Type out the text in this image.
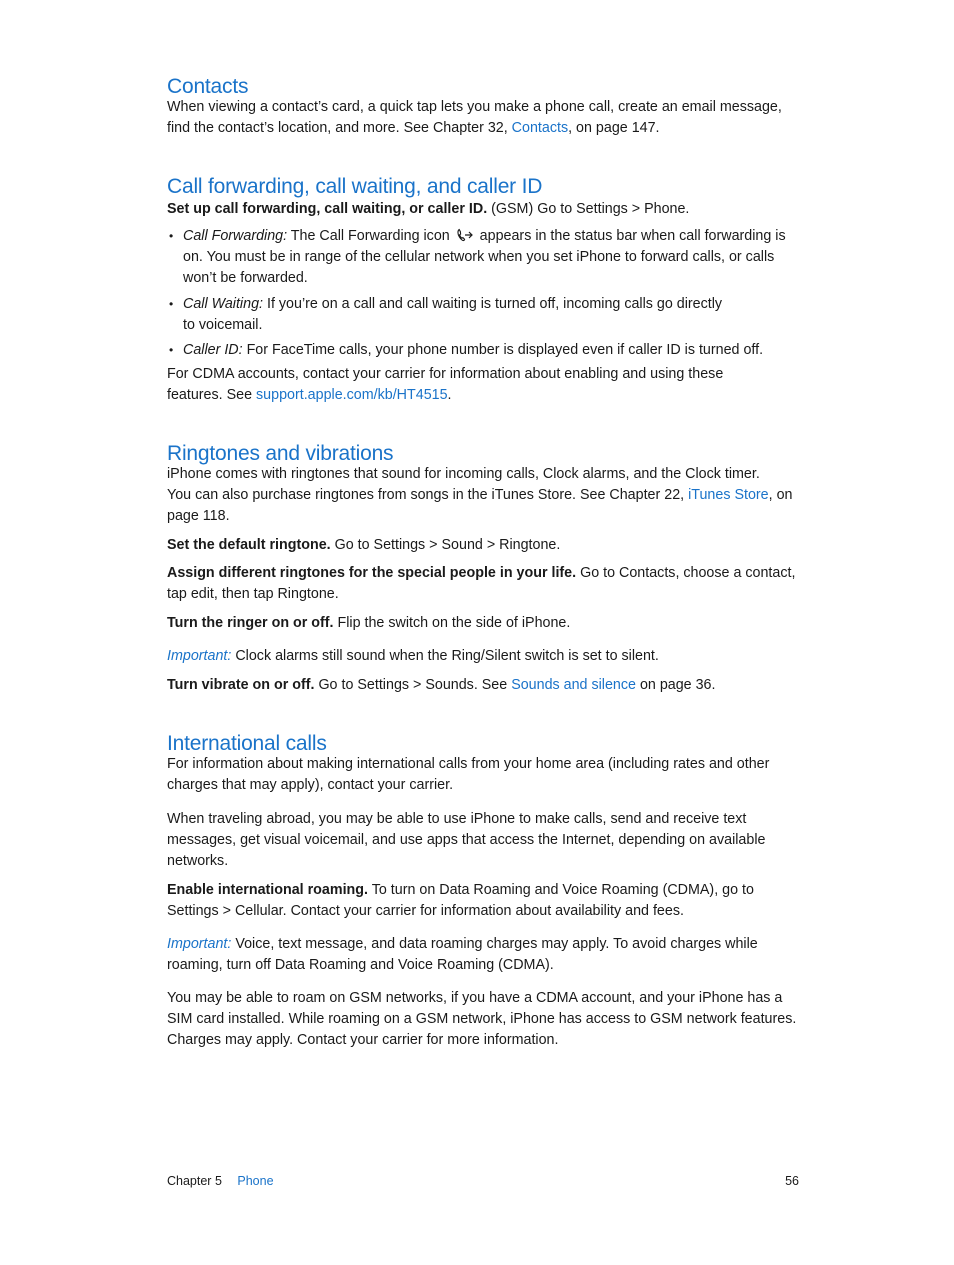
Contacts

When viewing a contact’s card, a quick tap lets you make a phone call, create an email message,
find the contact’s location, and more. See Chapter 32, Contacts, on page 147.

Call forwarding, call waiting, and caller ID

Set up call forwarding, call waiting, or caller ID. (GSM) Go to Settings > Phone.

• Call Forwarding: The Call Forwarding icon  appears in the status bar when call forwarding is
on. You must be in range of the cellular network when you set iPhone to forward calls, or calls
won’t be forwarded.
• Call Waiting: If you’re on a call and call waiting is turned off, incoming calls go directly
to voicemail.
• Caller ID: For FaceTime calls, your phone number is displayed even if caller ID is turned off.

For CDMA accounts, contact your carrier for information about enabling and using these
features. See support.apple.com/kb/HT4515.

Ringtones and vibrations

iPhone comes with ringtones that sound for incoming calls, Clock alarms, and the Clock timer.
You can also purchase ringtones from songs in the iTunes Store. See Chapter 22, iTunes Store, on
page 118.

Set the default ringtone. Go to Settings > Sound > Ringtone.

Assign different ringtones for the special people in your life. Go to Contacts, choose a contact,
tap edit, then tap Ringtone.

Turn the ringer on or off. Flip the switch on the side of iPhone.

Important: Clock alarms still sound when the Ring/Silent switch is set to silent.

Turn vibrate on or off. Go to Settings > Sounds. See Sounds and silence on page 36.

International calls

For information about making international calls from your home area (including rates and other
charges that may apply), contact your carrier.

When traveling abroad, you may be able to use iPhone to make calls, send and receive text
messages, get visual voicemail, and use apps that access the Internet, depending on available
networks.

Enable international roaming. To turn on Data Roaming and Voice Roaming (CDMA), go to
Settings > Cellular. Contact your carrier for information about availability and fees.

Important: Voice, text message, and data roaming charges may apply. To avoid charges while
roaming, turn off Data Roaming and Voice Roaming (CDMA).

You may be able to roam on GSM networks, if you have a CDMA account, and your iPhone has a
SIM card installed. While roaming on a GSM network, iPhone has access to GSM network features.
Charges may apply. Contact your carrier for more information.

Chapter 5 Phone	56
